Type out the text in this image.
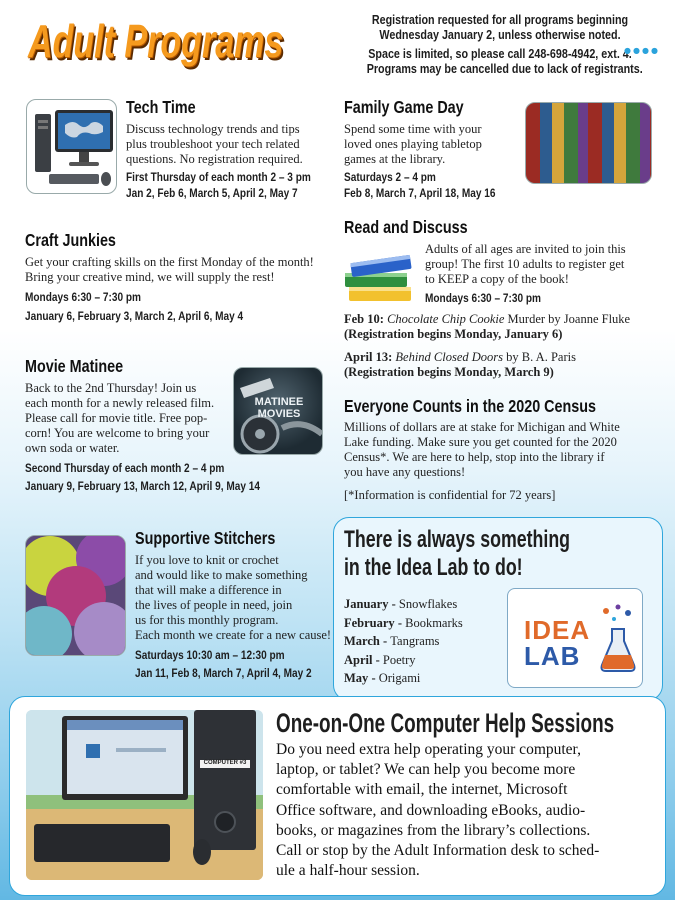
Adult Programs	Registration requested for all programs beginning
Wednesday January 2, unless otherwise noted.
Space is limited, so please call 248-698-4942, ext. 4.
Programs may be cancelled due to lack of registrants.
●●●●
Tech Time
Discuss technology trends and tips
plus troubleshoot your tech related
questions. No registration required.
First Thursday of each month 2 – 3 pm
Jan 2, Feb 6, March 5, April 2, May 7
Family Game Day
Spend some time with your
loved ones playing tabletop
games at the library.
Saturdays 2 – 4 pm
Feb 8, March 7, April 18, May 16
Craft Junkies
Get your crafting skills on the first Monday of the month!
Bring your creative mind, we will supply the rest!
Mondays 6:30 – 7:30 pm
January 6, February 3, March 2, April 6, May 4
Read and Discuss
Adults of all ages are invited to join this
group! The first 10 adults to register get
to KEEP a copy of the book!
Mondays 6:30 – 7:30 pm
Feb 10: Chocolate Chip Cookie Murder by Joanne Fluke
(Registration begins Monday, January 6)
April 13: Behind Closed Doors by B. A. Paris
(Registration begins Monday, March 9)
Movie Matinee
Back to the 2nd Thursday! Join us
each month for a newly released film.
Please call for movie title. Free pop-
corn! You are welcome to bring your
own soda or water.
Second Thursday of each month 2 – 4 pm
January 9, February 13, March 12, April 9, May 14
MATINEE
MOVIES	Everyone Counts in the 2020 Census
Millions of dollars are at stake for Michigan and White
Lake funding. Make sure you get counted for the 2020
Census*. We are here to help, stop into the library if
you have any questions!
[*Information is confidential for 72 years]
Supportive Stitchers
If you love to knit or crochet
and would like to make something
that will make a difference in
the lives of people in need, join
us for this monthly program.
Each month we create for a new cause!
Saturdays 10:30 am – 12:30 pm
Jan 11, Feb 8, March 7, April 4, May 2
There is always something
in the Idea Lab to do!
January - Snowflakes
February - Bookmarks
March - Tangrams
April - Poetry
May - Origami
IDEA
LAB
COMPUTER #3
One-on-One Computer Help Sessions
Do you need extra help operating your computer,
laptop, or tablet? We can help you become more
comfortable with email, the internet, Microsoft
Office software, and downloading eBooks, audio-
books, or magazines from the library’s collections.
Call or stop by the Adult Information desk to sched-
ule a half-hour session.
